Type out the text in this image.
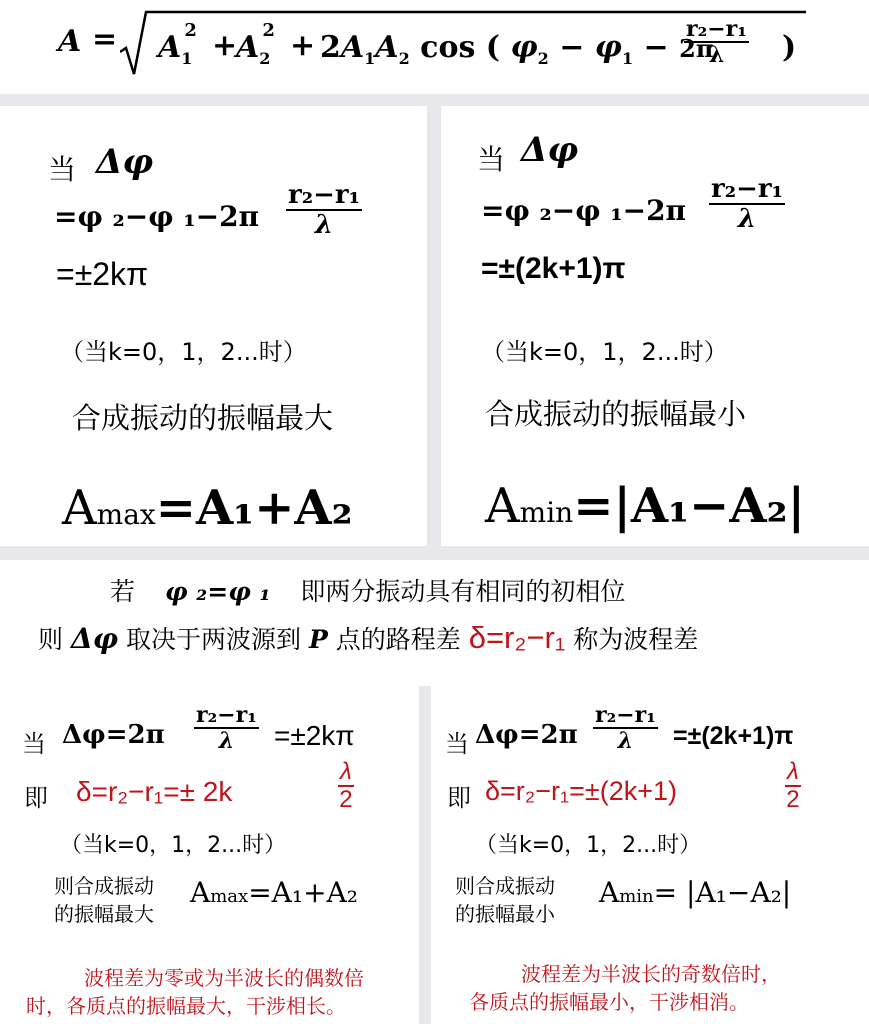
$A = A_1^2$ +
$A_2^2 + 2A_1A_2$ cos ( $\varphi_2 - \varphi_1 - 2\pi$
$\frac{\text{r₂−r₁}}{\lambda}$ )
当 Δφ
=φ ₂−φ $_1-2\pi \frac{\text{r₂−r₁}}{\lambda}$
=±2kπ
（当k=0，1，2...时）
合成振动的振幅最大
Amax=A₁+A₂
当 Δφ
=φ ₂−φ $_1-2\pi \frac{\text{r₂−r₁}}{\lambda}$
=±(2k+1)π
（当k=0，1，2...时）
合成振动的振幅最小
Amin=|A₁−A₂|
若 φ ₂=φ ₁ 即两分振动具有相同的初相位
则 Δφ 取决于两波源到 P 点的路程差 δ=r₂−r₁ 称为波程差
当 $\Delta\varphi=2\pi \frac{\text{r₂−r₁}}{\lambda} =\pm 2k\pi$
即 δ=r₂−r₁=± 2k	$\frac{\lambda}{2}$
（当k=0，1，2...时）
则合成振动
的振幅最大
Amax=A₁+A₂
波程差为零或为半波长的偶数倍
时，各质点的振幅最大，干涉相长。
当 $\Delta\varphi=2\pi \frac{\text{r₂−r₁}}{\lambda} =\pm(2k+1)\pi$
即 δ=r₂−r₁=±(2k+1)	$\frac{\lambda}{2}$
（当k=0，1，2...时）
则合成振动
的振幅最小
Amin= |A₁−A₂|
波程差为半波长的奇数倍时，
各质点的振幅最小，干涉相消。
